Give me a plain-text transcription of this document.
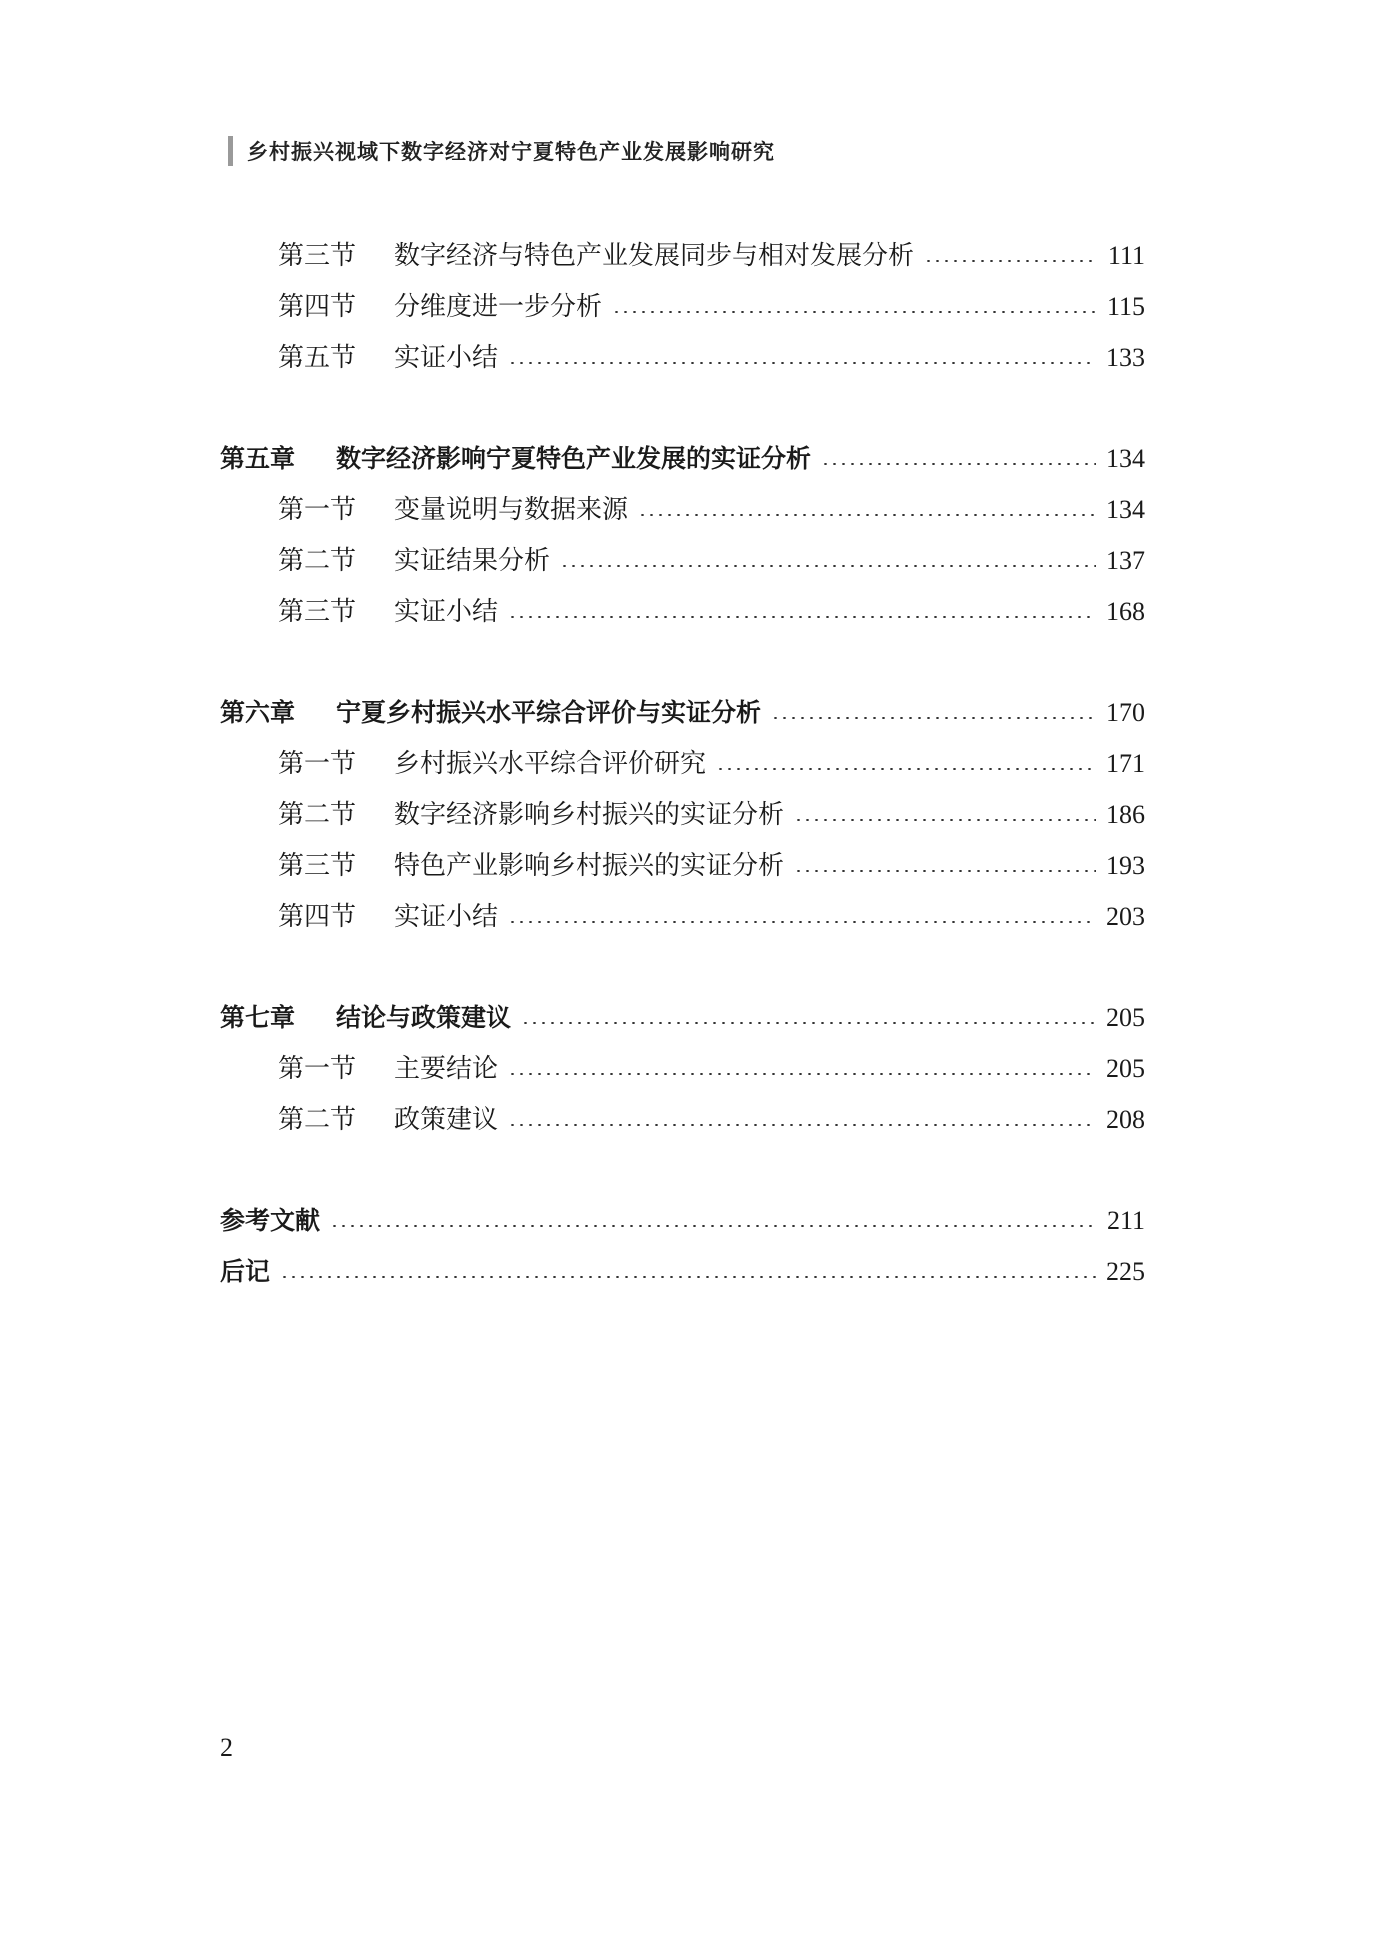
乡村振兴视域下数字经济对宁夏特色产业发展影响研究
第三节	数字经济与特色产业发展同步与相对发展分析	111
第四节	分维度进一步分析	115
第五节	实证小结	133
第五章	数字经济影响宁夏特色产业发展的实证分析	134
第一节	变量说明与数据来源	134
第二节	实证结果分析	137
第三节	实证小结	168
第六章	宁夏乡村振兴水平综合评价与实证分析	170
第一节	乡村振兴水平综合评价研究	171
第二节	数字经济影响乡村振兴的实证分析	186
第三节	特色产业影响乡村振兴的实证分析	193
第四节	实证小结	203
第七章	结论与政策建议	205
第一节	主要结论	205
第二节	政策建议	208
参考文献	211
后记	225
2
